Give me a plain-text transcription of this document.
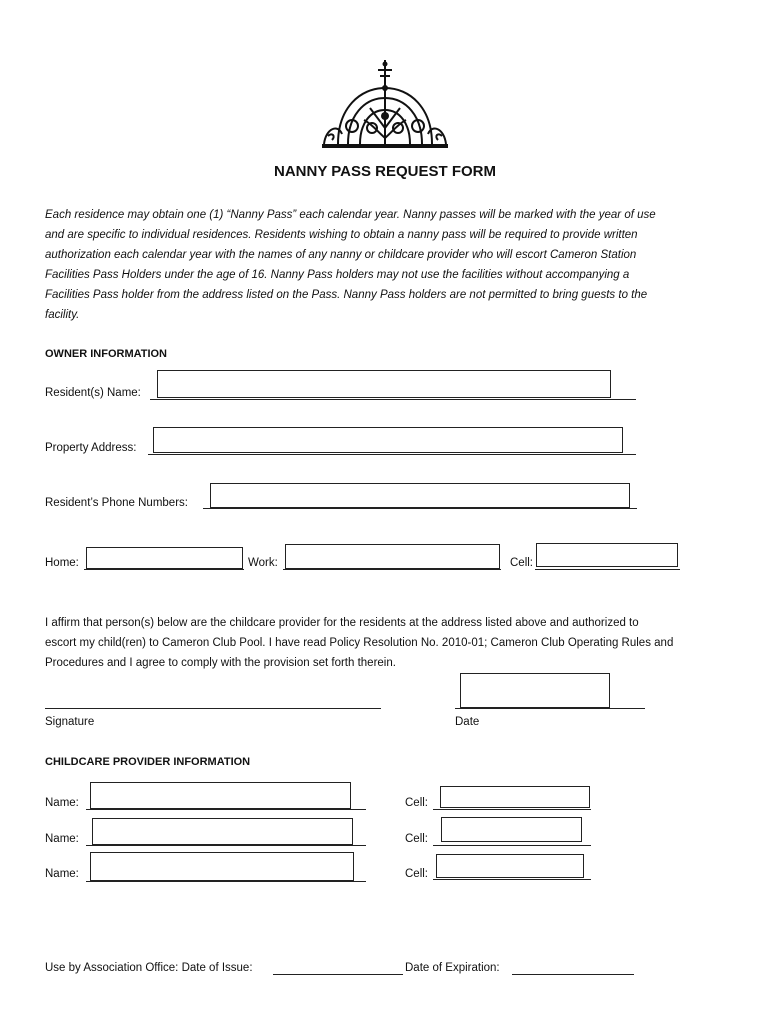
NANNY PASS REQUEST FORM
Each residence may obtain one (1) “Nanny Pass” each calendar year. Nanny passes will be marked with the year of use
and are specific to individual residences. Residents wishing to obtain a nanny pass will be required to provide written
authorization each calendar year with the names of any nanny or childcare provider who will escort Cameron Station
Facilities Pass Holders under the age of 16. Nanny Pass holders may not use the facilities without accompanying a
Facilities Pass holder from the address listed on the Pass. Nanny Pass holders are not permitted to bring guests to the
facility.
OWNER INFORMATION
Resident(s) Name:
Property Address:
Resident’s Phone Numbers:
Home:	Work:	Cell:
I affirm that person(s) below are the childcare provider for the residents at the address listed above and authorized to
escort my child(ren) to Cameron Club Pool. I have read Policy Resolution No. 2010-01; Cameron Club Operating Rules and
Procedures and I agree to comply with the provision set forth therein.
Signature	Date
CHILDCARE PROVIDER INFORMATION
Name:	Cell:
Name:	Cell:
Name:	Cell:
Use by Association Office: Date of Issue:	Date of Expiration:
